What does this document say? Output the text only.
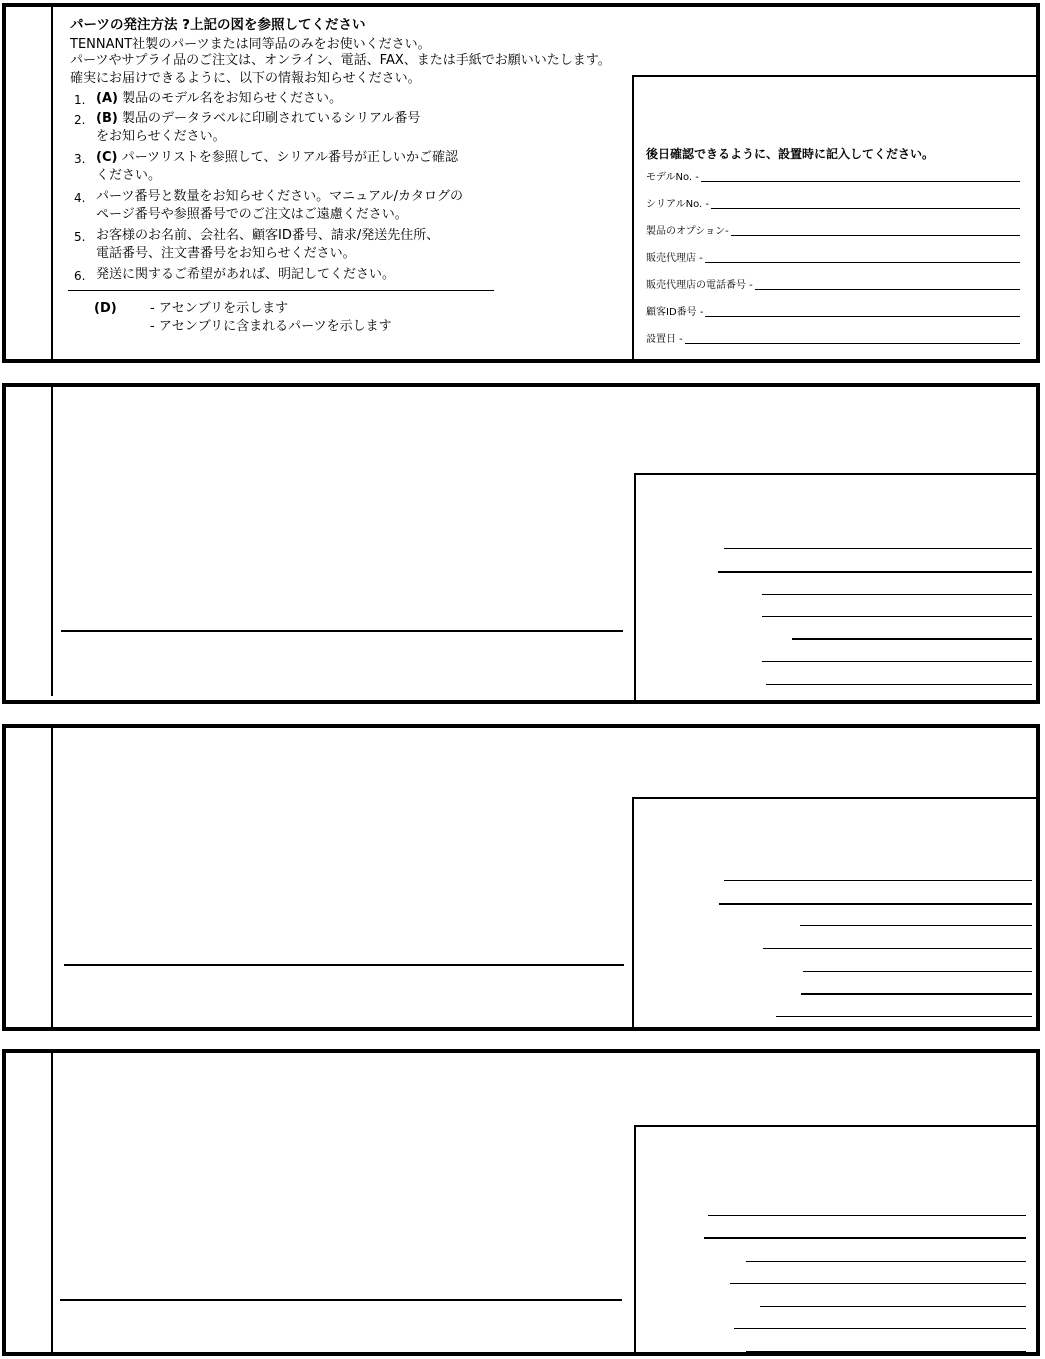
パーツの発注方法 ?上記の図を参照してください
TENNANT社製のパーツまたは同等品のみをお使いください。
パーツやサプライ品のご注文は、オンライン、電話、FAX、または手紙でお願いいたします。
確実にお届けできるように、以下の情報お知らせください。
1. (A) 製品のモデル名をお知らせください。
2. (B) 製品のデータラベルに印刷されているシリアル番号
をお知らせください。
3. (C) パーツリストを参照して、シリアル番号が正しいかご確認
ください。
4. パーツ番号と数量をお知らせください。マニュアル/カタログの
ページ番号や参照番号でのご注文はご遠慮ください。
5. お客様のお名前、会社名、顧客ID番号、請求/発送先住所、
電話番号、注文書番号をお知らせください。
6. 発送に関するご希望があれば、明記してください。
(D)	- アセンブリを示します
- アセンブリに含まれるパーツを示します
後日確認できるように、設置時に記入してください。
モデルNo. -
シリアルNo. -
製品のオプション-
販売代理店 -
販売代理店の電話番号 -
顧客ID番号 -
設置日 -
